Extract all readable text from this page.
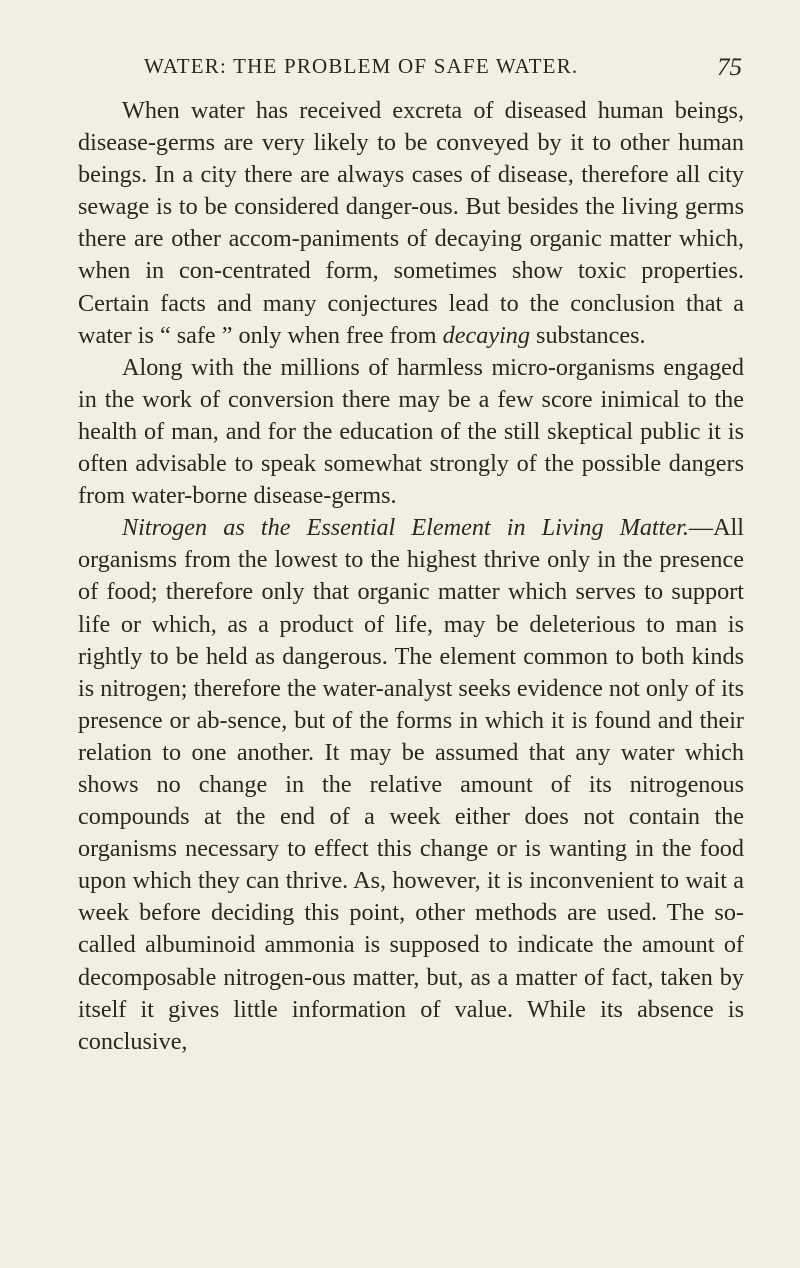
WATER: THE PROBLEM OF SAFE WATER.	75

When water has received excreta of diseased human beings, disease-germs are very likely to be conveyed by it to other human beings. In a city there are always cases of disease, therefore all city sewage is to be considered danger-ous. But besides the living germs there are other accom-paniments of decaying organic matter which, when in con-centrated form, sometimes show toxic properties. Certain facts and many conjectures lead to the conclusion that a water is “ safe ” only when free from decaying substances.

Along with the millions of harmless micro-organisms engaged in the work of conversion there may be a few score inimical to the health of man, and for the education of the still skeptical public it is often advisable to speak somewhat strongly of the possible dangers from water-borne disease-germs.

Nitrogen as the Essential Element in Living Matter.—All organisms from the lowest to the highest thrive only in the presence of food; therefore only that organic matter which serves to support life or which, as a product of life, may be deleterious to man is rightly to be held as dangerous. The element common to both kinds is nitrogen; therefore the water-analyst seeks evidence not only of its presence or ab-sence, but of the forms in which it is found and their relation to one another. It may be assumed that any water which shows no change in the relative amount of its nitrogenous compounds at the end of a week either does not contain the organisms necessary to effect this change or is wanting in the food upon which they can thrive. As, however, it is inconvenient to wait a week before deciding this point, other methods are used. The so-called albuminoid ammonia is supposed to indicate the amount of decomposable nitrogen-ous matter, but, as a matter of fact, taken by itself it gives little information of value. While its absence is conclusive,
